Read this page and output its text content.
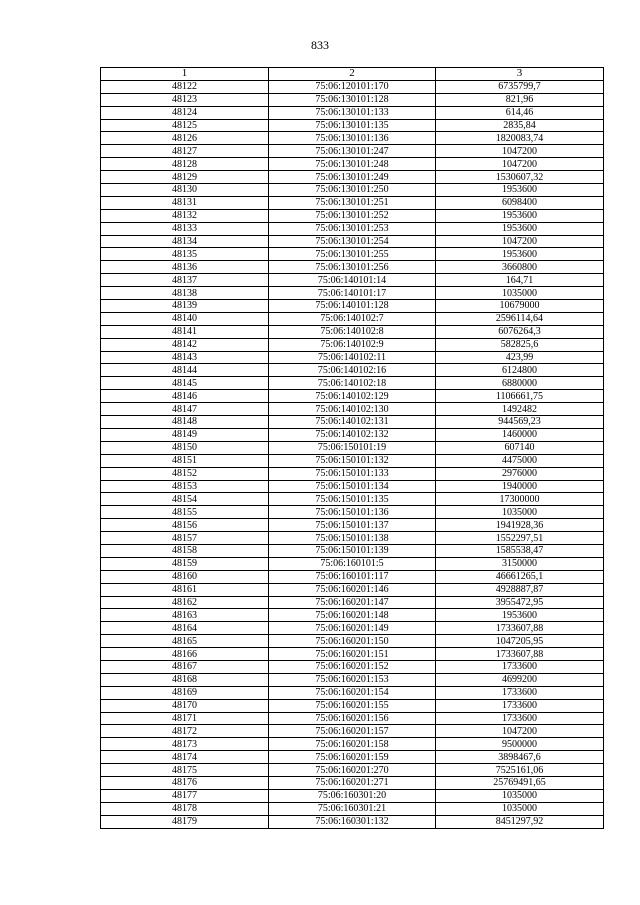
833
1	2	3
48122	75:06:120101:170	6735799,7
48123	75:06:130101:128	821,96
48124	75:06:130101:133	614,46
48125	75:06:130101:135	2835,84
48126	75:06:130101:136	1820083,74
48127	75:06:130101:247	1047200
48128	75:06:130101:248	1047200
48129	75:06:130101:249	1530607,32
48130	75:06:130101:250	1953600
48131	75:06:130101:251	6098400
48132	75:06:130101:252	1953600
48133	75:06:130101:253	1953600
48134	75:06:130101:254	1047200
48135	75:06:130101:255	1953600
48136	75:06:130101:256	3660800
48137	75:06:140101:14	164,71
48138	75:06:140101:17	1035000
48139	75:06:140101:128	10679000
48140	75:06:140102:7	2596114,64
48141	75:06:140102:8	6076264,3
48142	75:06:140102:9	582825,6
48143	75:06:140102:11	423,99
48144	75:06:140102:16	6124800
48145	75:06:140102:18	6880000
48146	75:06:140102:129	1106661,75
48147	75:06:140102:130	1492482
48148	75:06:140102:131	944569,23
48149	75:06:140102:132	1460000
48150	75:06:150101:19	607140
48151	75:06:150101:132	4475000
48152	75:06:150101:133	2976000
48153	75:06:150101:134	1940000
48154	75:06:150101:135	17300000
48155	75:06:150101:136	1035000
48156	75:06:150101:137	1941928,36
48157	75:06:150101:138	1552297,51
48158	75:06:150101:139	1585538,47
48159	75:06:160101:5	3150000
48160	75:06:160101:117	46661265,1
48161	75:06:160201:146	4928887,87
48162	75:06:160201:147	3955472,95
48163	75:06:160201:148	1953600
48164	75:06:160201:149	1733607,88
48165	75:06:160201:150	1047205,95
48166	75:06:160201:151	1733607,88
48167	75:06:160201:152	1733600
48168	75:06:160201:153	4699200
48169	75:06:160201:154	1733600
48170	75:06:160201:155	1733600
48171	75:06:160201:156	1733600
48172	75:06:160201:157	1047200
48173	75:06:160201:158	9500000
48174	75:06:160201:159	3898467,6
48175	75:06:160201:270	7525161,06
48176	75:06:160201:271	25769491,65
48177	75:06:160301:20	1035000
48178	75:06:160301:21	1035000
48179	75:06:160301:132	8451297,92
